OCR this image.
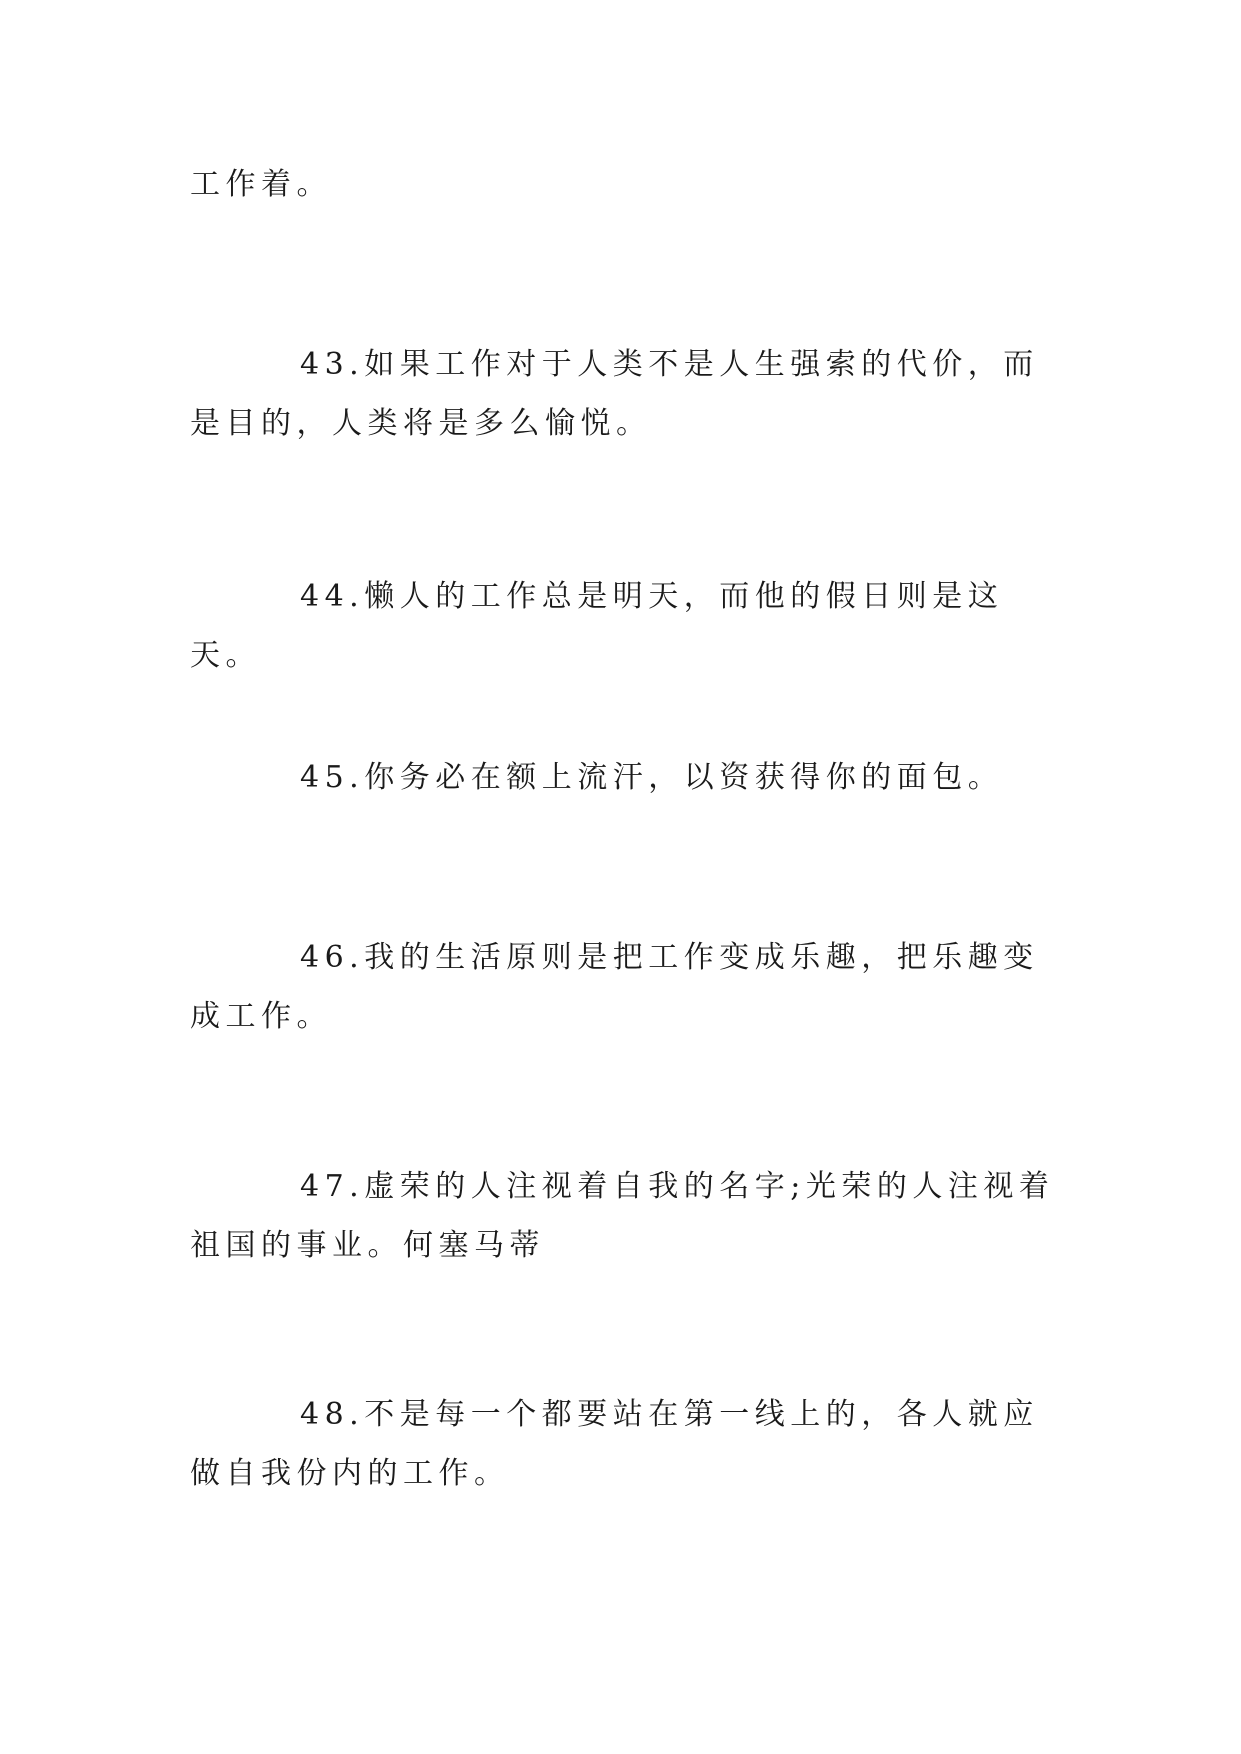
工作着。

43.如果工作对于人类不是人生强索的代价，而是目的，人类将是多么愉悦。

44.懒人的工作总是明天，而他的假日则是这天。

45.你务必在额上流汗，以资获得你的面包。

46.我的生活原则是把工作变成乐趣，把乐趣变成工作。

47.虚荣的人注视着自我的名字;光荣的人注视着祖国的事业。何塞马蒂

48.不是每一个都要站在第一线上的，各人就应做自我份内的工作。
